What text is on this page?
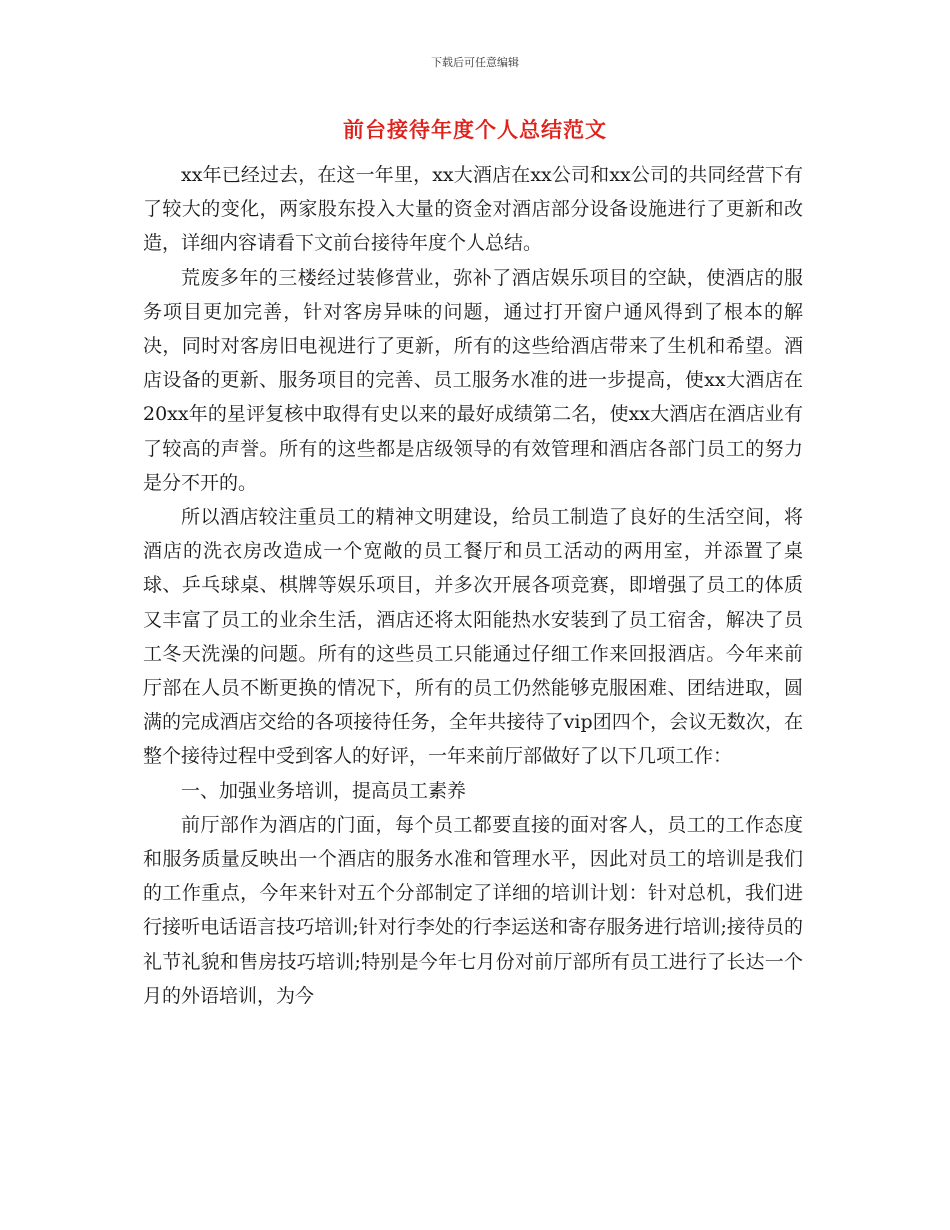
下载后可任意编辑
前台接待年度个人总结范文

xx年已经过去，在这一年里，xx大酒店在xx公司和xx公司的共同经营下有了较大的变化，两家股东投入大量的资金对酒店部分设备设施进行了更新和改造，详细内容请看下文前台接待年度个人总结。

荒废多年的三楼经过装修营业，弥补了酒店娱乐项目的空缺，使酒店的服务项目更加完善，针对客房异味的问题，通过打开窗户通风得到了根本的解决，同时对客房旧电视进行了更新，所有的这些给酒店带来了生机和希望。酒店设备的更新、服务项目的完善、员工服务水准的进一步提高，使xx大酒店在20xx年的星评复核中取得有史以来的最好成绩第二名，使xx大酒店在酒店业有了较高的声誉。所有的这些都是店级领导的有效管理和酒店各部门员工的努力是分不开的。

所以酒店较注重员工的精神文明建设，给员工制造了良好的生活空间，将酒店的洗衣房改造成一个宽敞的员工餐厅和员工活动的两用室，并添置了桌球、乒乓球桌、棋牌等娱乐项目，并多次开展各项竞赛，即增强了员工的体质又丰富了员工的业余生活，酒店还将太阳能热水安装到了员工宿舍，解决了员工冬天洗澡的问题。所有的这些员工只能通过仔细工作来回报酒店。今年来前厅部在人员不断更换的情况下，所有的员工仍然能够克服困难、团结进取，圆满的完成酒店交给的各项接待任务，全年共接待了vip团四个，会议无数次，在整个接待过程中受到客人的好评，一年来前厅部做好了以下几项工作：

一、加强业务培训，提高员工素养

前厅部作为酒店的门面，每个员工都要直接的面对客人，员工的工作态度和服务质量反映出一个酒店的服务水准和管理水平，因此对员工的培训是我们的工作重点，今年来针对五个分部制定了详细的培训计划：针对总机，我们进行接听电话语言技巧培训;针对行李处的行李运送和寄存服务进行培训;接待员的礼节礼貌和售房技巧培训;特别是今年七月份对前厅部所有员工进行了长达一个月的外语培训，为今
